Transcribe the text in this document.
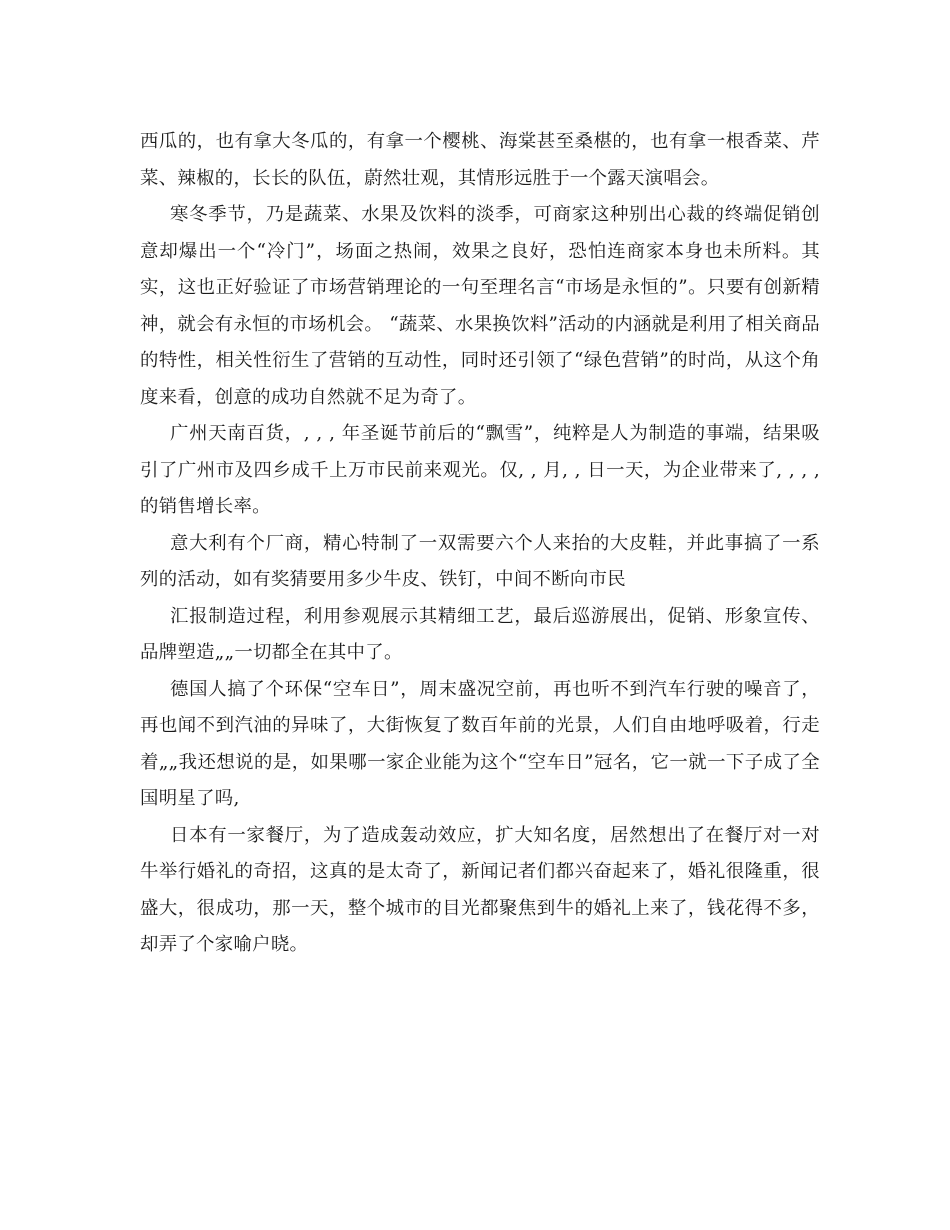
西瓜的，也有拿大冬瓜的，有拿一个樱桃、海棠甚至桑椹的，也有拿一根香菜、芹菜、辣椒的，长长的队伍，蔚然壮观，其情形远胜于一个露天演唱会。

寒冬季节，乃是蔬菜、水果及饮料的淡季，可商家这种别出心裁的终端促销创意却爆出一个“冷门”，场面之热闹，效果之良好，恐怕连商家本身也未所料。其实，这也正好验证了市场营销理论的一句至理名言“市场是永恒的”。只要有创新精神，就会有永恒的市场机会。 “蔬菜、水果换饮料”活动的内涵就是利用了相关商品的特性，相关性衍生了营销的互动性，同时还引领了“绿色营销”的时尚，从这个角度来看，创意的成功自然就不足为奇了。

广州天南百货，, , , 年圣诞节前后的“飘雪”，纯粹是人为制造的事端，结果吸引了广州市及四乡成千上万市民前来观光。仅, , 月, , 日一天，为企业带来了, , , , 的销售增长率。

意大利有个厂商，精心特制了一双需要六个人来抬的大皮鞋，并此事搞了一系列的活动，如有奖猜要用多少牛皮、铁钉，中间不断向市民

汇报制造过程，利用参观展示其精细工艺，最后巡游展出，促销、形象宣传、品牌塑造„„一切都全在其中了。

德国人搞了个环保“空车日”，周末盛况空前，再也听不到汽车行驶的噪音了，再也闻不到汽油的异味了，大街恢复了数百年前的光景，人们自由地呼吸着，行走着„„我还想说的是，如果哪一家企业能为这个“空车日”冠名，它一就一下子成了全国明星了吗,

日本有一家餐厅，为了造成轰动效应，扩大知名度，居然想出了在餐厅对一对牛举行婚礼的奇招，这真的是太奇了，新闻记者们都兴奋起来了，婚礼很隆重，很盛大，很成功，那一天，整个城市的目光都聚焦到牛的婚礼上来了，钱花得不多，却弄了个家喻户晓。
